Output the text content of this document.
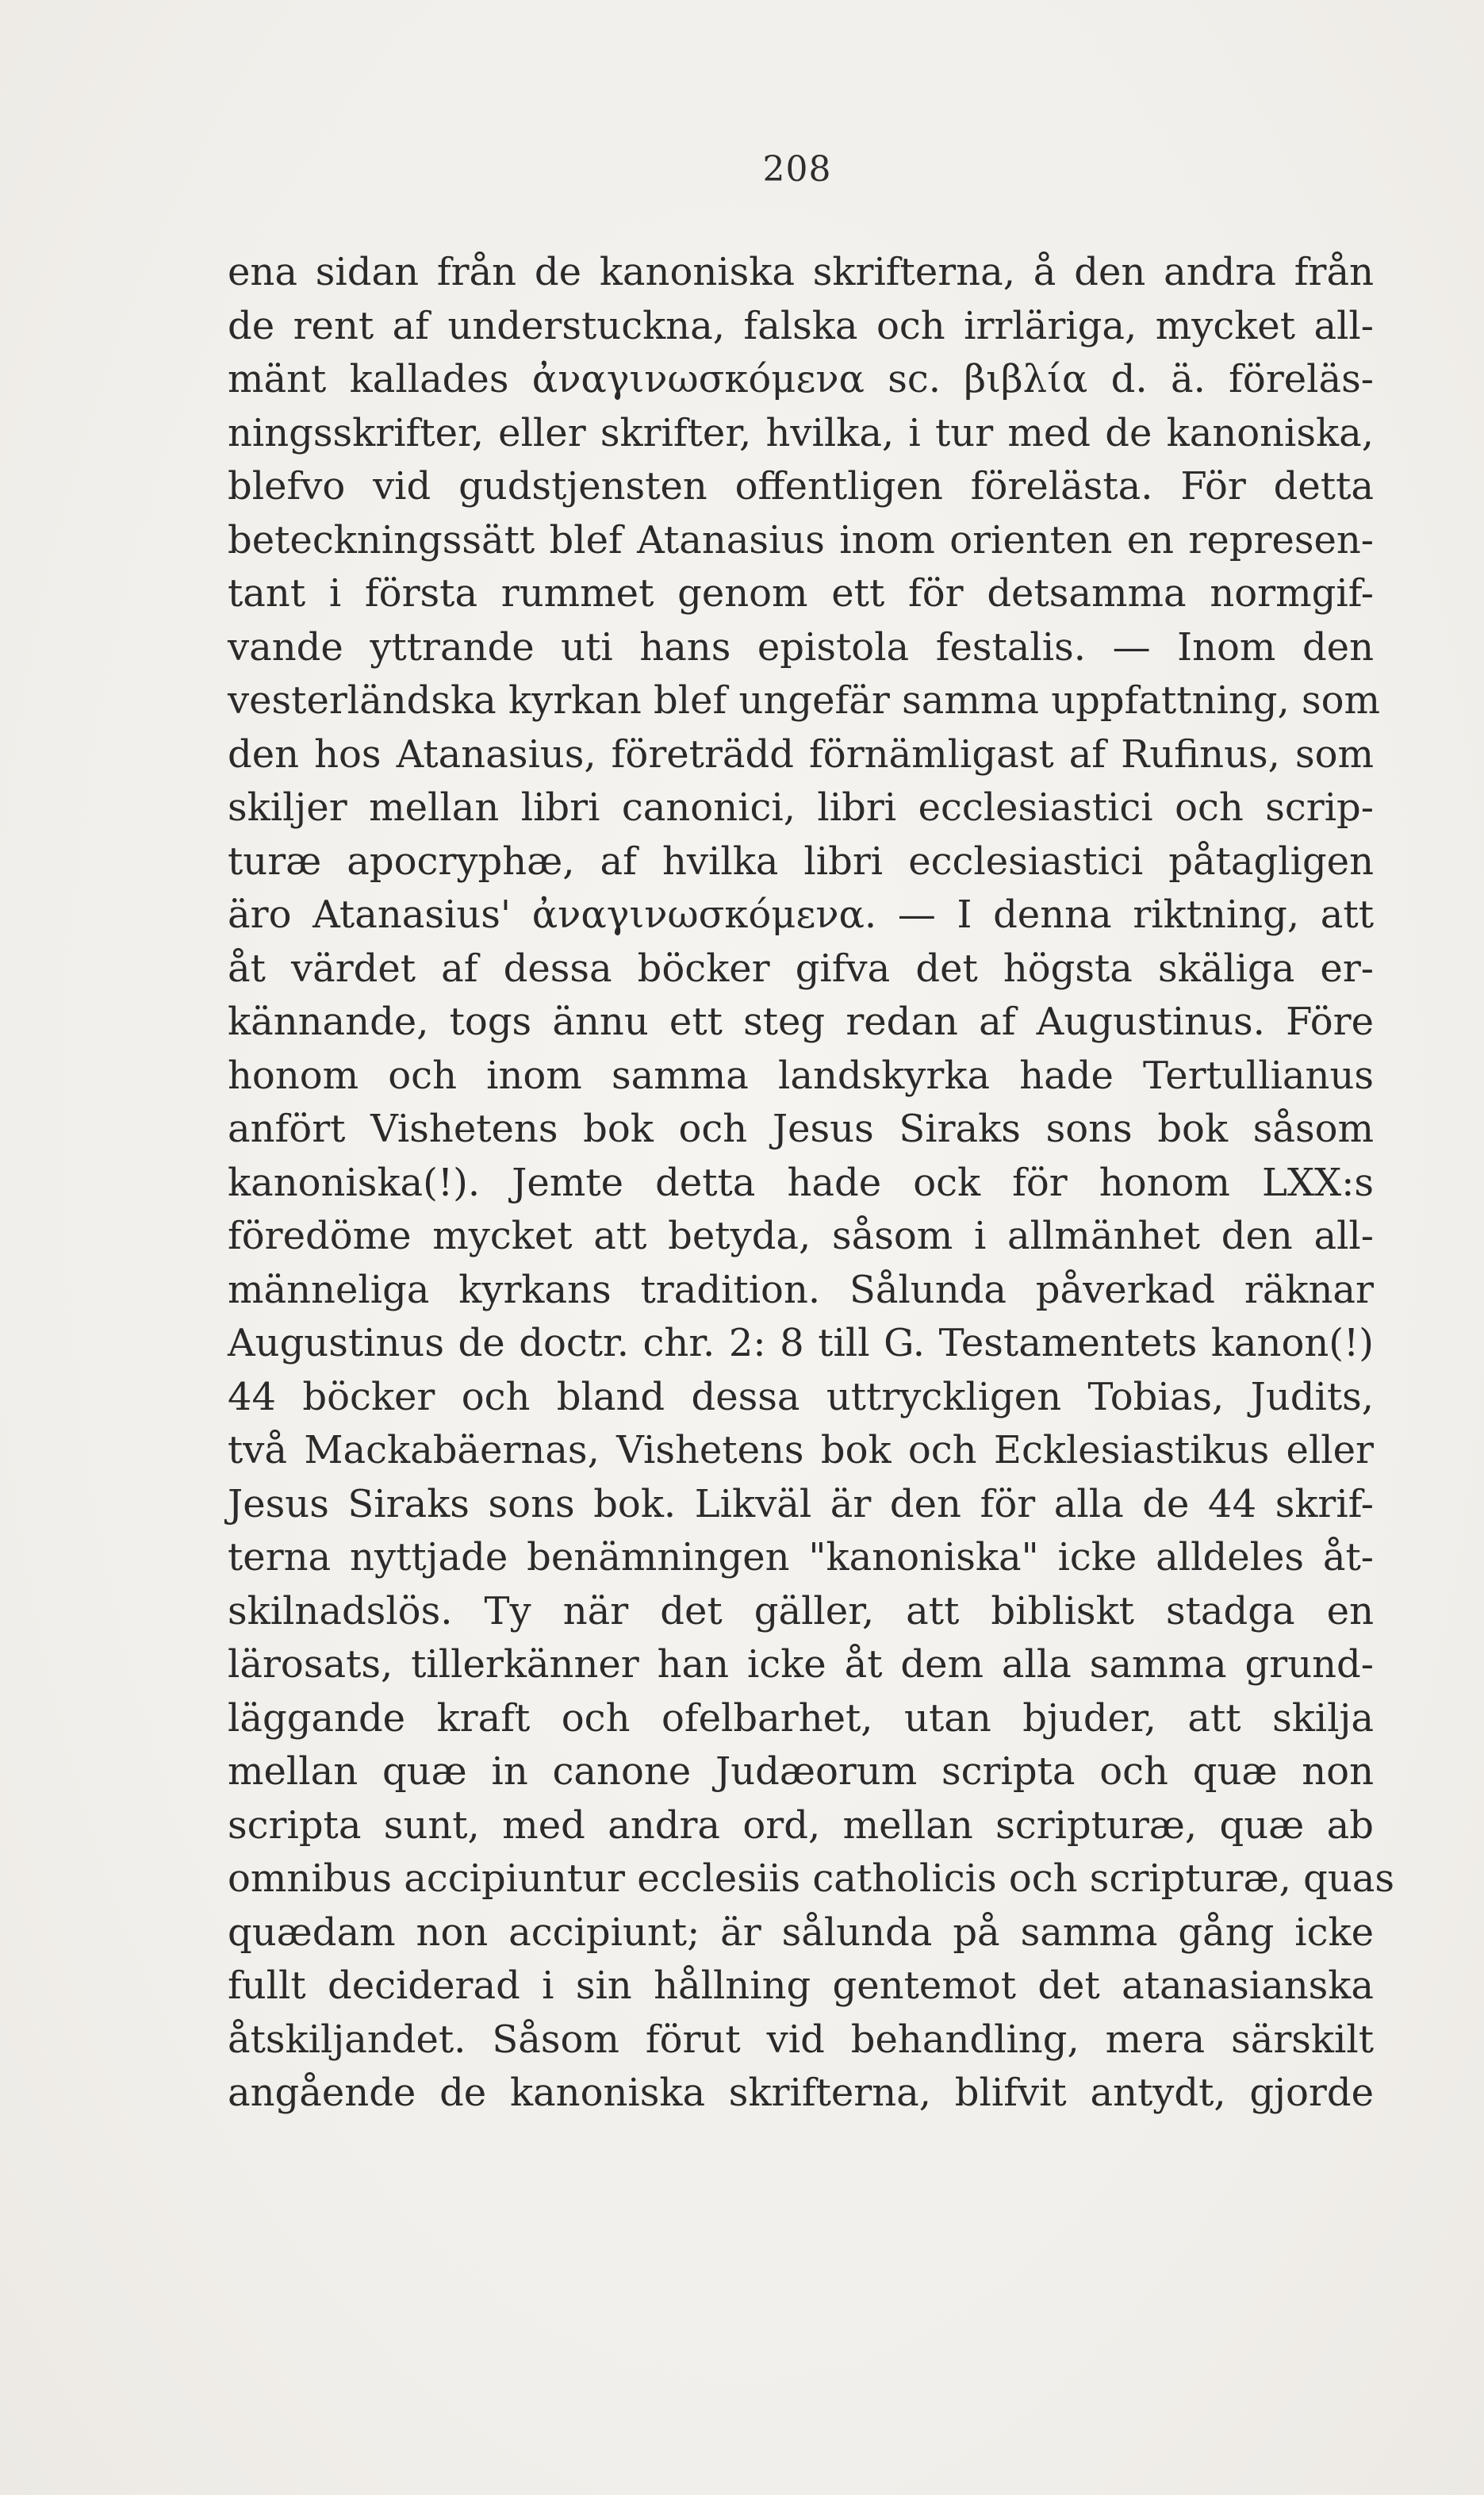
208
ena sidan från de kanoniska skrifterna, å den andra från
de rent af understuckna, falska och irrläriga, mycket all-
mänt kallades ἀναγινωσκόμενα sc. βιβλία d. ä. föreläs-
ningsskrifter, eller skrifter, hvilka, i tur med de kanoniska,
blefvo vid gudstjensten offentligen förelästa. För detta
beteckningssätt blef Atanasius inom orienten en represen-
tant i första rummet genom ett för detsamma normgif-
vande yttrande uti hans epistola festalis. — Inom den
vesterländska kyrkan blef ungefär samma uppfattning, som
den hos Atanasius, företrädd förnämligast af Rufinus, som
skiljer mellan libri canonici, libri ecclesiastici och scrip-
turæ apocryphæ, af hvilka libri ecclesiastici påtagligen
äro Atanasius' ἀναγινωσκόμενα. — I denna riktning, att
åt värdet af dessa böcker gifva det högsta skäliga er-
kännande, togs ännu ett steg redan af Augustinus. Före
honom och inom samma landskyrka hade Tertullianus
anfört Vishetens bok och Jesus Siraks sons bok såsom
kanoniska(!). Jemte detta hade ock för honom LXX:s
föredöme mycket att betyda, såsom i allmänhet den all-
männeliga kyrkans tradition. Sålunda påverkad räknar
Augustinus de doctr. chr. 2: 8 till G. Testamentets kanon(!)
44 böcker och bland dessa uttryckligen Tobias, Judits,
två Mackabäernas, Vishetens bok och Ecklesiastikus eller
Jesus Siraks sons bok. Likväl är den för alla de 44 skrif-
terna nyttjade benämningen "kanoniska" icke alldeles åt-
skilnadslös. Ty när det gäller, att bibliskt stadga en
lärosats, tillerkänner han icke åt dem alla samma grund-
läggande kraft och ofelbarhet, utan bjuder, att skilja
mellan quæ in canone Judæorum scripta och quæ non
scripta sunt, med andra ord, mellan scripturæ, quæ ab
omnibus accipiuntur ecclesiis catholicis och scripturæ, quas
quædam non accipiunt; är sålunda på samma gång icke
fullt deciderad i sin hållning gentemot det atanasianska
åtskiljandet. Såsom förut vid behandling, mera särskilt
angående de kanoniska skrifterna, blifvit antydt, gjorde
